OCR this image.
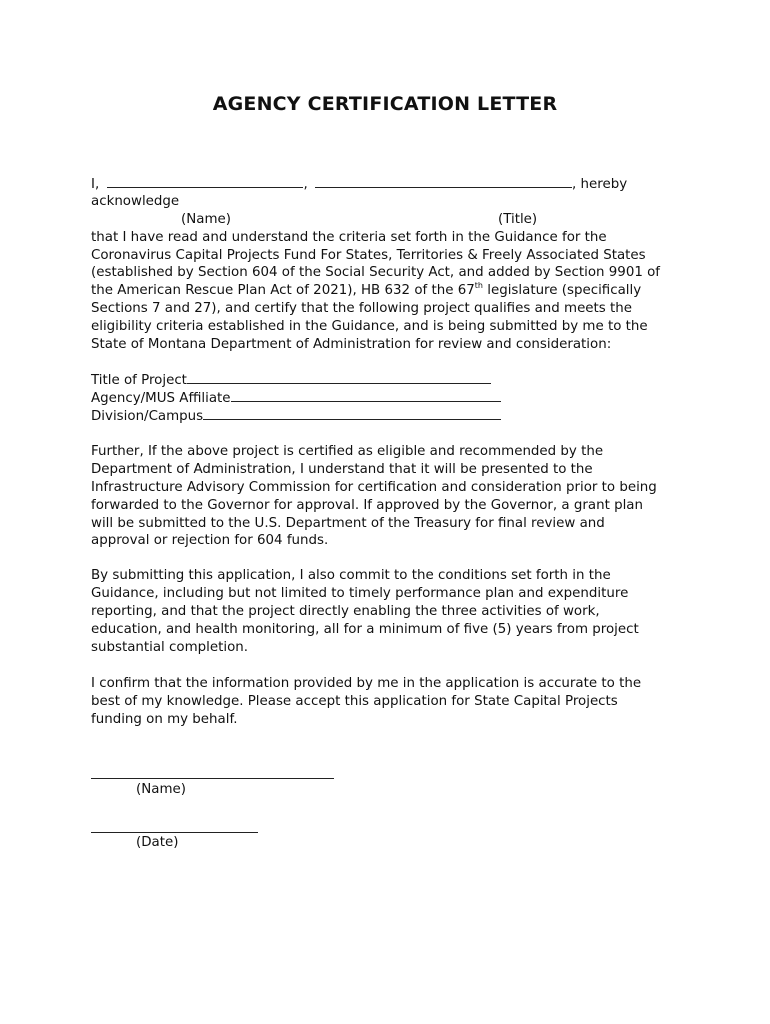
AGENCY CERTIFICATION LETTER
I,	,	, hereby
acknowledge
(Name)	(Title)
that I have read and understand the criteria set forth in the Guidance for the
Coronavirus Capital Projects Fund For States, Territories & Freely Associated States
(established by Section 604 of the Social Security Act, and added by Section 9901 of
the American Rescue Plan Act of 2021), HB 632 of the 67th legislature (specifically
Sections 7 and 27), and certify that the following project qualifies and meets the
eligibility criteria established in the Guidance, and is being submitted by me to the
State of Montana Department of Administration for review and consideration:
Title of Project
Agency/MUS Affiliate
Division/Campus
Further, If the above project is certified as eligible and recommended by the
Department of Administration, I understand that it will be presented to the
Infrastructure Advisory Commission for certification and consideration prior to being
forwarded to the Governor for approval. If approved by the Governor, a grant plan
will be submitted to the U.S. Department of the Treasury for final review and
approval or rejection for 604 funds.
By submitting this application, I also commit to the conditions set forth in the
Guidance, including but not limited to timely performance plan and expenditure
reporting, and that the project directly enabling the three activities of work,
education, and health monitoring, all for a minimum of five (5) years from project
substantial completion.
I confirm that the information provided by me in the application is accurate to the
best of my knowledge. Please accept this application for State Capital Projects
funding on my behalf.
(Name)
(Date)
